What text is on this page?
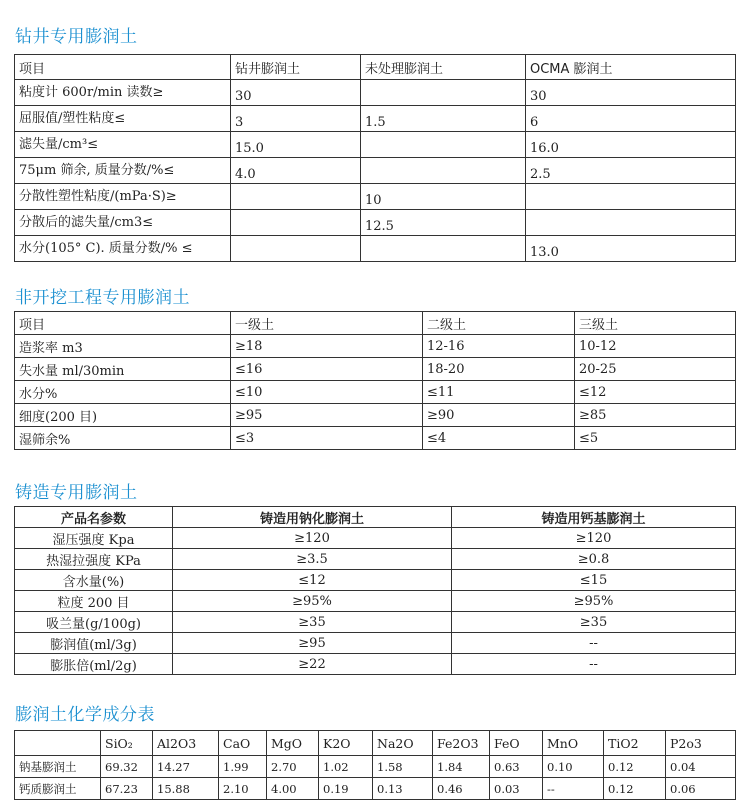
钻井专用膨润土
项目	钻井膨润土	未处理膨润土	OCMA 膨润土
粘度计 600r/min 读数≥	30		30
屈服值/塑性粘度≤	3	1.5	6
滤失量/cm³≤	15.0		16.0
75μm 筛余, 质量分数/%≤	4.0		2.5
分散性塑性粘度/(mPa·S)≥		10	
分散后的滤失量/cm3≤		12.5	
水分(105° C). 质量分数/% ≤			13.0
非开挖工程专用膨润土
项目	一级土	二级土	三级土
造浆率 m3	≥18	12-16	10-12
失水量 ml/30min	≤16	18-20	20-25
水分%	≤10	≤11	≤12
细度(200 目)	≥95	≥90	≥85
湿筛余%	≤3	≤4	≤5
铸造专用膨润土
产品名参数	铸造用钠化膨润土	铸造用钙基膨润土
湿压强度 Kpa	≥120	≥120
热湿拉强度 KPa	≥3.5	≥0.8
含水量(%)	≤12	≤15
粒度 200 目	≥95%	≥95%
吸兰量(g/100g)	≥35	≥35
膨润值(ml/3g)	≥95	--
膨胀倍(ml/2g)	≥22	--
膨润土化学成分表
	SiO₂	Al2O3	CaO	MgO	K2O	Na2O	Fe2O3	FeO	MnO	TiO2	P2o3
钠基膨润土	69.32	14.27	1.99	2.70	1.02	1.58	1.84	0.63	0.10	0.12	0.04
钙质膨润土	67.23	15.88	2.10	4.00	0.19	0.13	0.46	0.03	--	0.12	0.06
